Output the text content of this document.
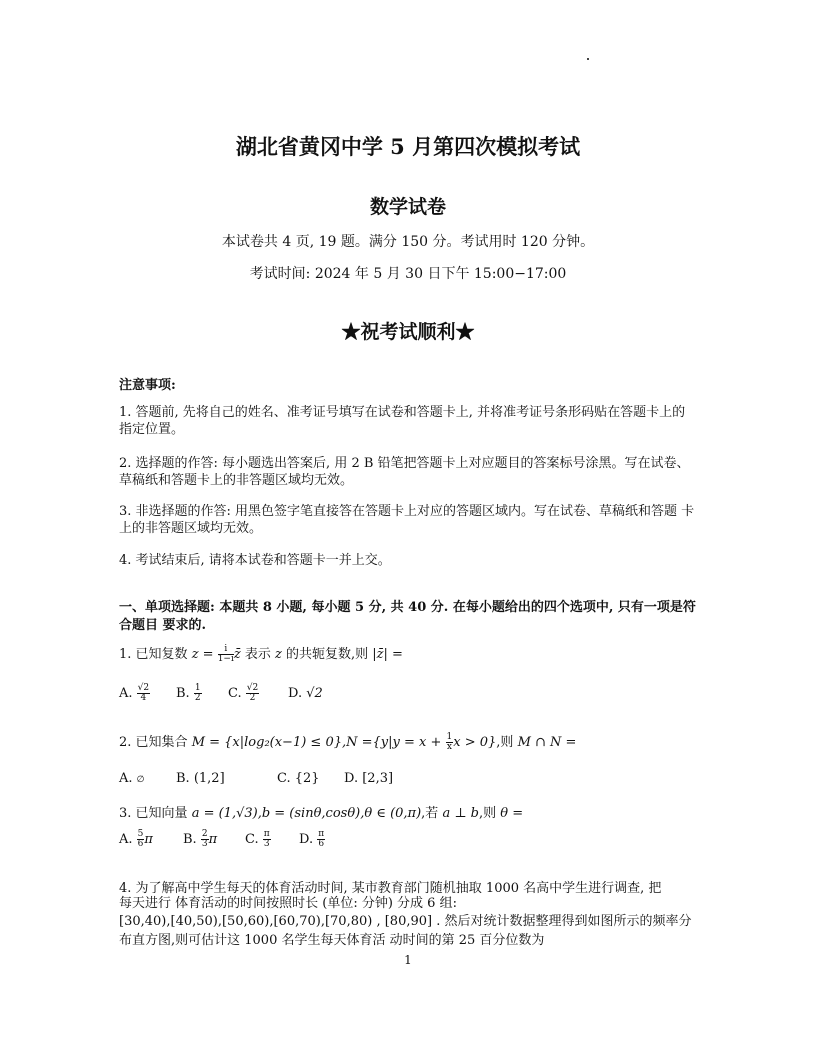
湖北省黄冈中学 5 月第四次模拟考试
数学试卷
本试卷共 4 页, 19 题。满分 150 分。考试用时 120 分钟。
考试时间: 2024 年 5 月 30 日下午 15:00−17:00
★祝考试顺利★
注意事项:
1. 答题前, 先将自己的姓名、准考证号填写在试卷和答题卡上, 并将准考证号条形码贴在答题卡上的 指定位置。
2. 选择题的作答: 每小题选出答案后, 用 2 B 铅笔把答题卡上对应题目的答案标号涂黑。写在试卷、 草稿纸和答题卡上的非答题区域均无效。
3. 非选择题的作答: 用黑色签字笔直接答在答题卡上对应的答题区域内。写在试卷、草稿纸和答题 卡上的非答题区域均无效。
4. 考试结束后, 请将本试卷和答题卡一并上交。
一、单项选择题: 本题共 8 小题, 每小题 5 分, 共 40 分. 在每小题给出的四个选项中, 只有一项是符合题目 要求的.
1. 已知复数 $z = \frac{i}{1-i}$ z̄ 表示 z 的共轭复数,则 |z̄| =
A. $\frac{√2}{4} B$. $\frac{1}{2} C$. $\frac{√2}{2} D$. √2
2. 已知集合 $M = \{x|\log_2(x-1) \le 0\},N =\{y|y = x + \frac{1}{x}$ x > 0},则 M ∩ N =
A. ∅ B. (1,2]	C. {2} D. [2,3]
3. 已知向量 a = (1,√3),b = (sinθ,cosθ),θ ∈ (0,π),若 a ⊥ b,则 θ =
A. $\frac{5}{6}$ π B. $\frac{2}{3}$ π C. $\frac{\pi}{3} D$. $\frac{\pi}{6}$
4. 为了解高中学生每天的体育活动时间, 某市教育部门随机抽取 1000 名高中学生进行调查, 把
每天进行 体育活动的时间按照时长 (单位: 分钟) 分成 6 组:
[30,40),[40,50),[50,60),[60,70),[70,80) , [80,90] . 然后对统计数据整理得到如图所示的频率分
布直方图,则可估计这 1000 名学生每天体育活 动时间的第 25 百分位数为
1
